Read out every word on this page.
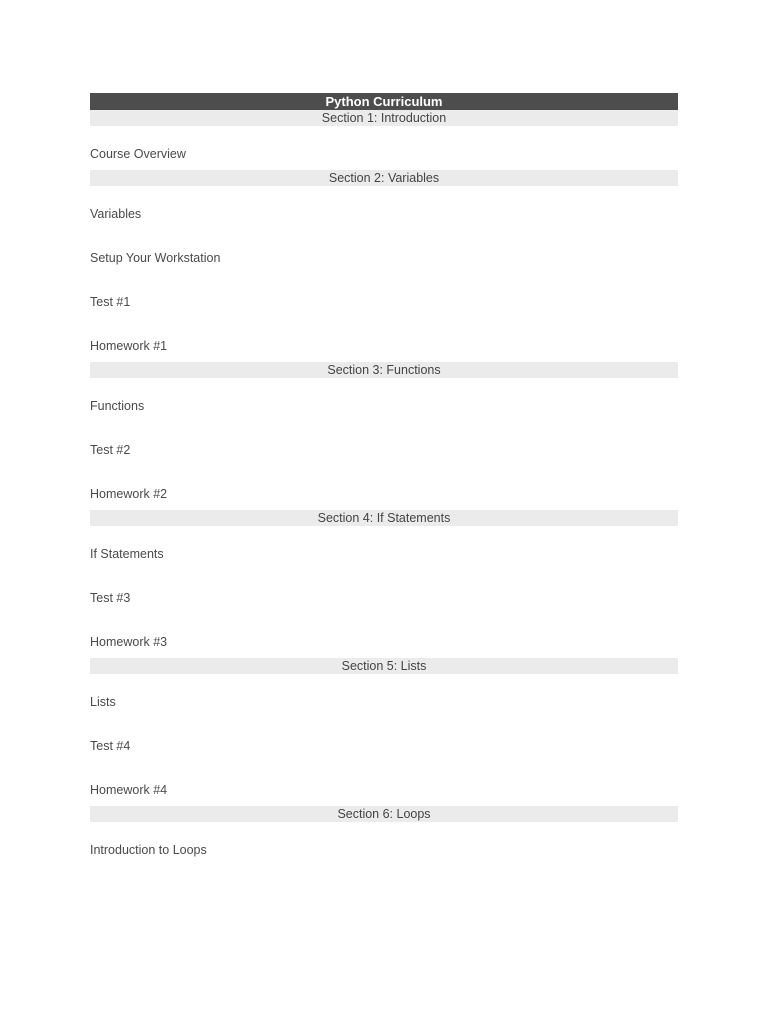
Python Curriculum
Section 1: Introduction
Course Overview
Section 2: Variables
Variables
Setup Your Workstation
Test #1
Homework #1
Section 3: Functions
Functions
Test #2
Homework #2
Section 4: If Statements
If Statements
Test #3
Homework #3
Section 5: Lists
Lists
Test #4
Homework #4
Section 6: Loops
Introduction to Loops
